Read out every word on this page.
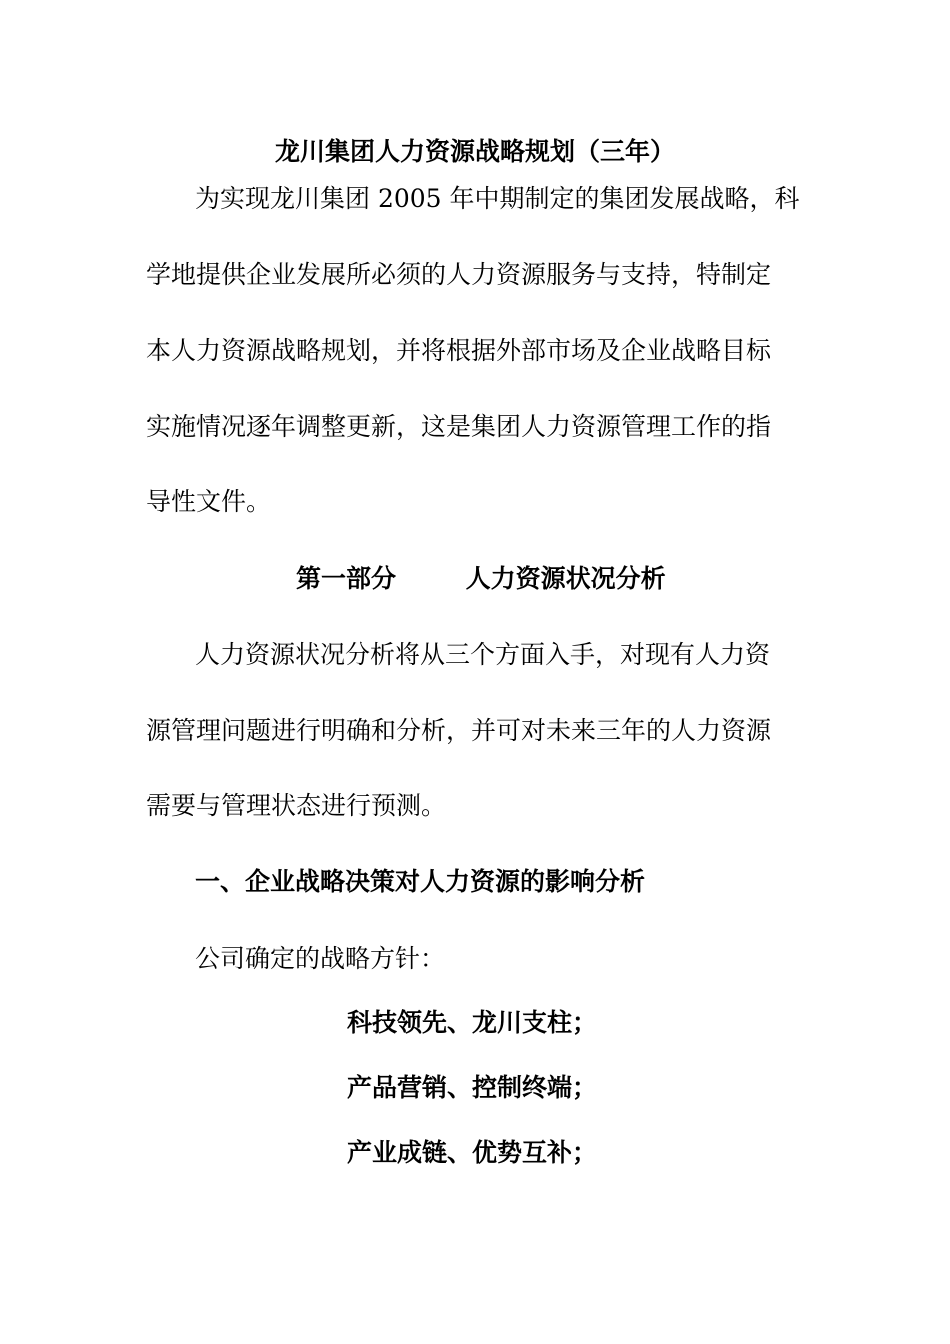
龙川集团人力资源战略规划（三年）
为实现龙川集团 2005 年中期制定的集团发展战略，科
学地提供企业发展所必须的人力资源服务与支持，特制定
本人力资源战略规划，并将根据外部市场及企业战略目标
实施情况逐年调整更新，这是集团人力资源管理工作的指
导性文件。
第一部分        人力资源状况分析
人力资源状况分析将从三个方面入手，对现有人力资
源管理问题进行明确和分析，并可对未来三年的人力资源
需要与管理状态进行预测。
一、企业战略决策对人力资源的影响分析
公司确定的战略方针：
科技领先、龙川支柱；
产品营销、控制终端；
产业成链、优势互补；
